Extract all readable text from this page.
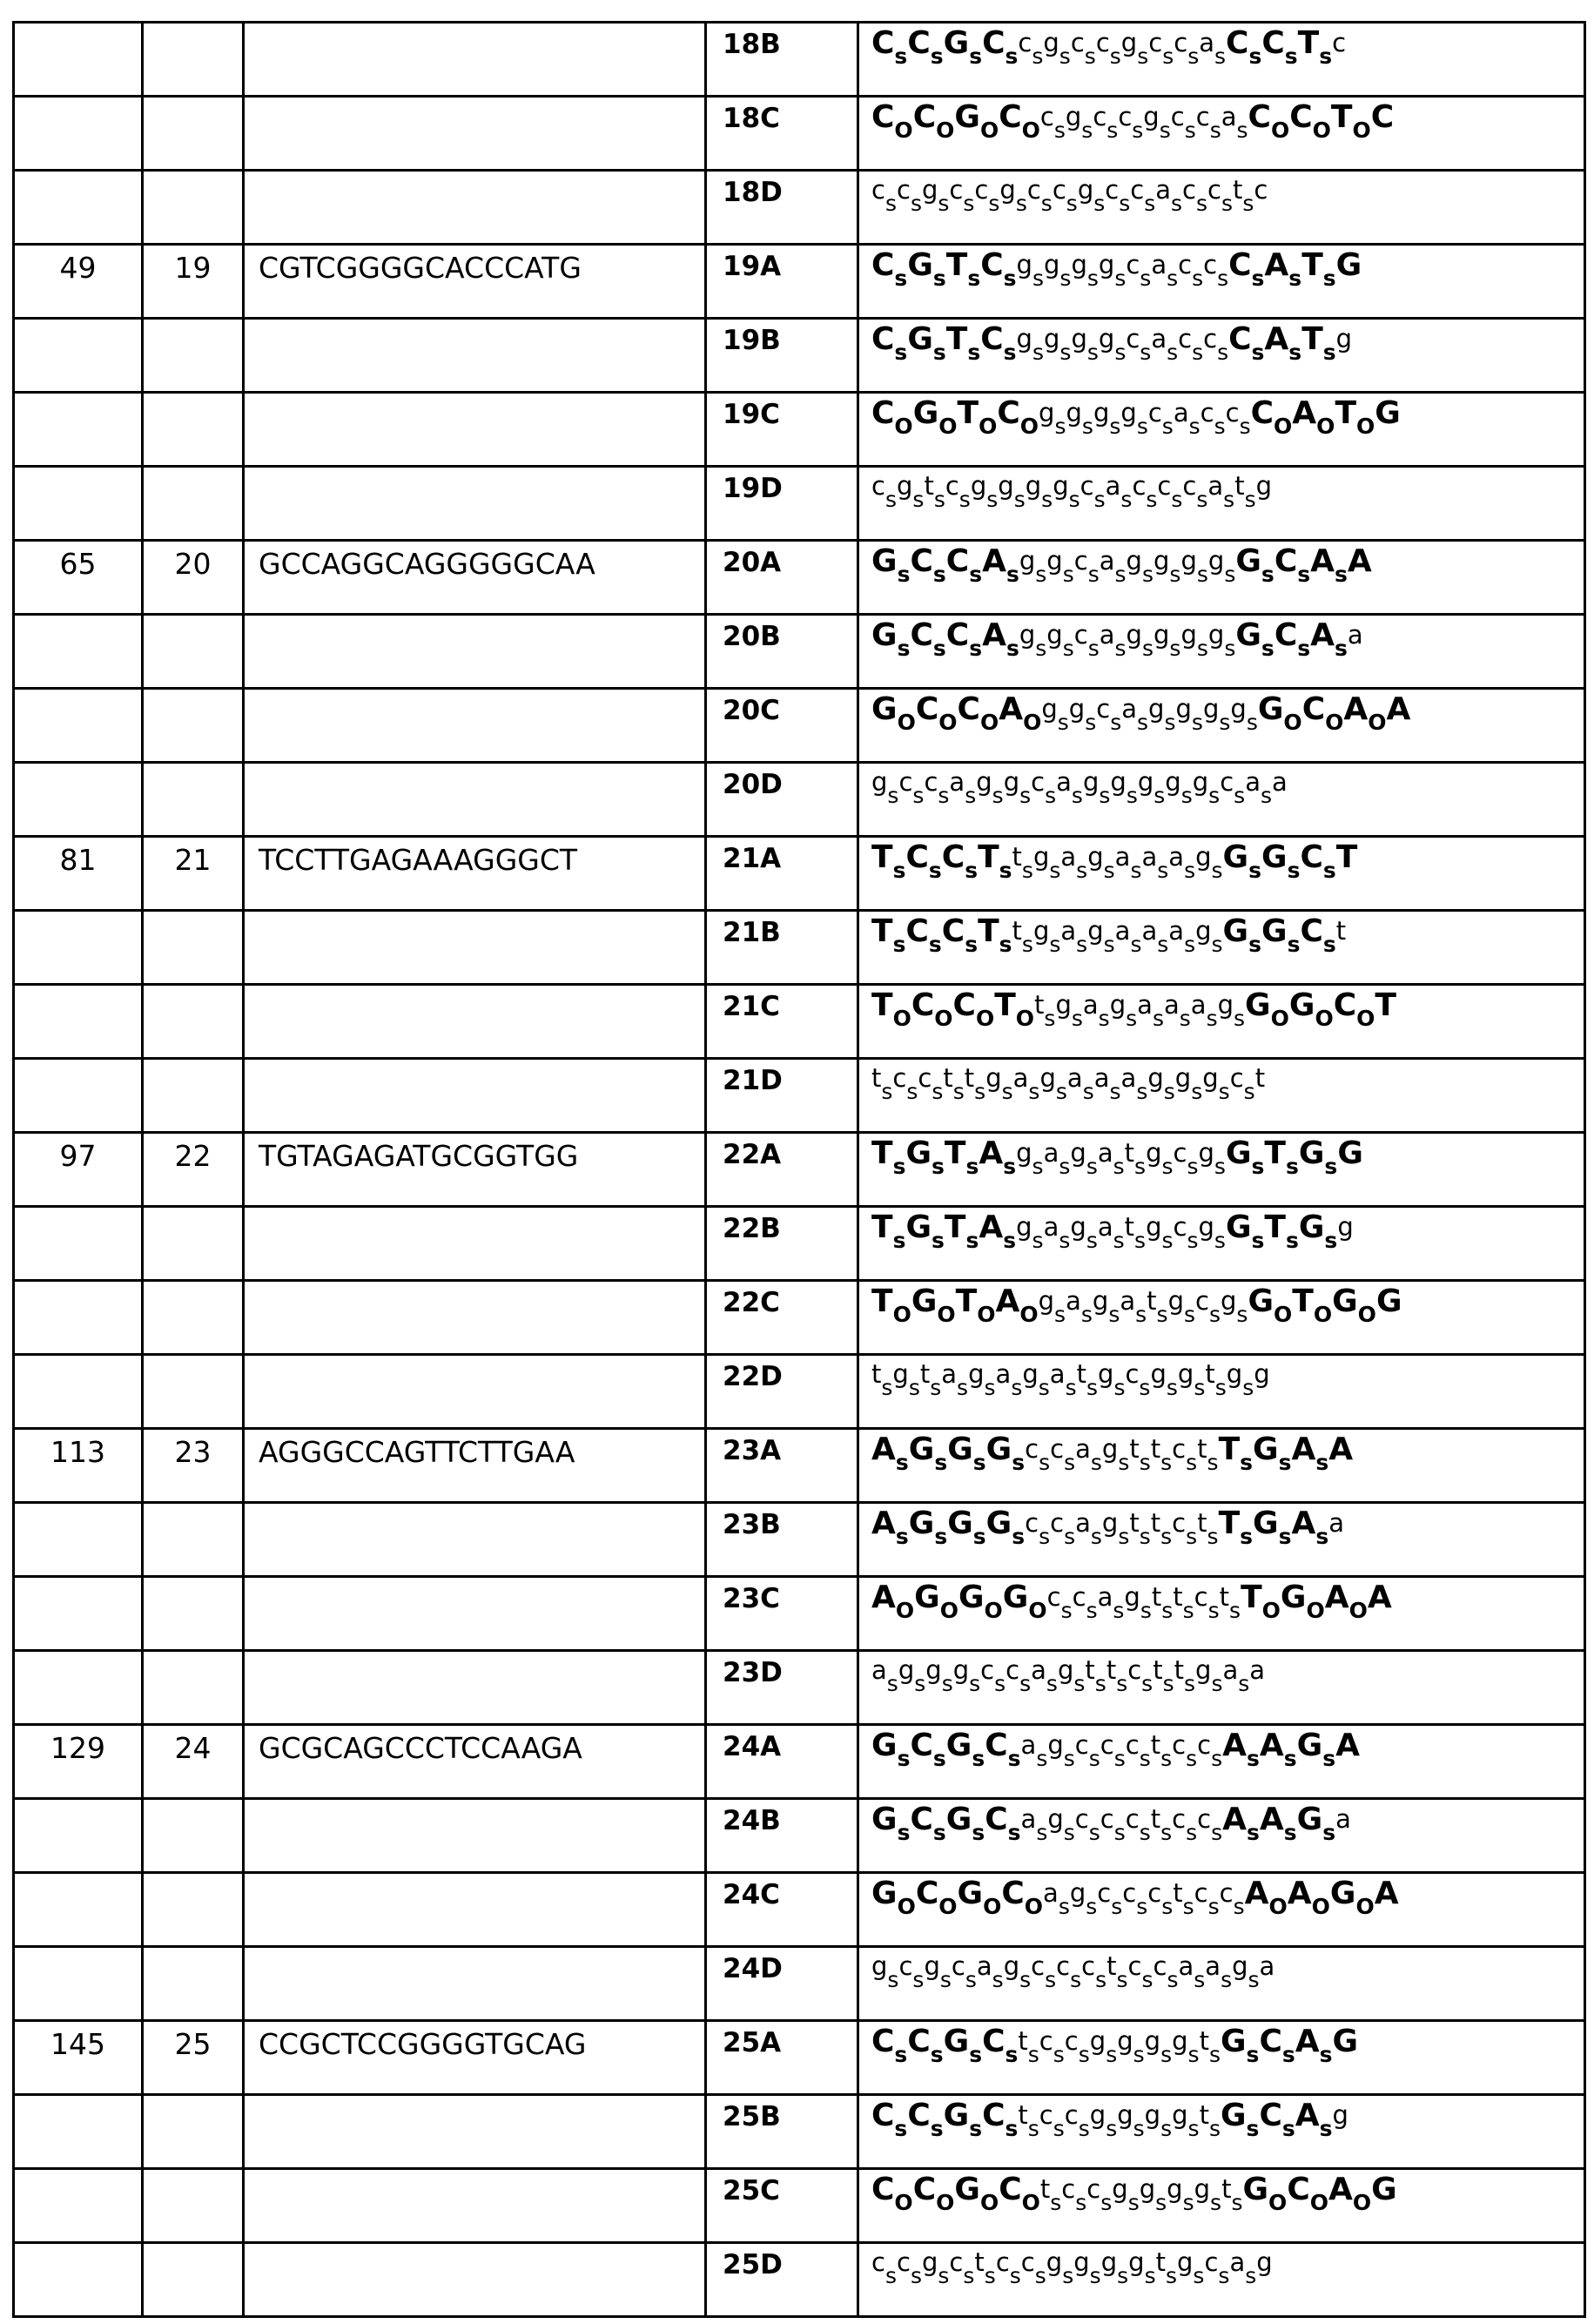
			18B	CsCsGsCscsgscscsgscscsasCsCsTsc
			18C	COCOGOCOcsgscscsgscscsasCOCOTOC
			18D	cscsgscscsgscscsgscscsascscstsc
49	19	CGTCGGGGCACCCATG	19A	CsGsTsCsgsgsgsgscsascscsCsAsTsG
			19B	CsGsTsCsgsgsgsgscsascscsCsAsTsg
			19C	COGOTOCOgsgsgsgscsascscsCOAOTOG
			19D	csgstscsgsgsgsgscsascscscsastsg
65	20	GCCAGGCAGGGGGCAA	20A	GsCsCsAsgsgscsasgsgsgsgsGsCsAsA
			20B	GsCsCsAsgsgscsasgsgsgsgsGsCsAsa
			20C	GOCOCOAOgsgscsasgsgsgsgsGOCOAOA
			20D	gscscsasgsgscsasgsgsgsgsgscsasa
81	21	TCCTTGAGAAAGGGCT	21A	TsCsCsTstsgsasgsasasasgsGsGsCsT
			21B	TsCsCsTstsgsasgsasasasgsGsGsCst
			21C	TOCOCOTOtsgsasgsasasasgsGOGOCOT
			21D	tscscststsgsasgsasasasgsgsgscst
97	22	TGTAGAGATGCGGTGG	22A	TsGsTsAsgsasgsastsgscsgsGsTsGsG
			22B	TsGsTsAsgsasgsastsgscsgsGsTsGsg
			22C	TOGOTOAOgsasgsastsgscsgsGOTOGOG
			22D	tsgstsasgsasgsastsgscsgsgstsgsg
113	23	AGGGCCAGTTCTTGAA	23A	AsGsGsGscscsasgststscstsTsGsAsA
			23B	AsGsGsGscscsasgststscstsTsGsAsa
			23C	AOGOGOGOcscsasgststscstsTOGOAOA
			23D	asgsgsgscscsasgststscststsgsasa
129	24	GCGCAGCCCTCCAAGA	24A	GsCsGsCsasgscscscstscscsAsAsGsA
			24B	GsCsGsCsasgscscscstscscsAsAsGsa
			24C	GOCOGOCOasgscscscstscscsAOAOGOA
			24D	gscsgscsasgscscscstscscsasasgsa
145	25	CCGCTCCGGGGTGCAG	25A	CsCsGsCstscscsgsgsgsgstsGsCsAsG
			25B	CsCsGsCstscscsgsgsgsgstsGsCsAsg
			25C	COCOGOCOtscscsgsgsgsgstsGOCOAOG
			25D	cscsgscstscscsgsgsgsgstsgscsasg
